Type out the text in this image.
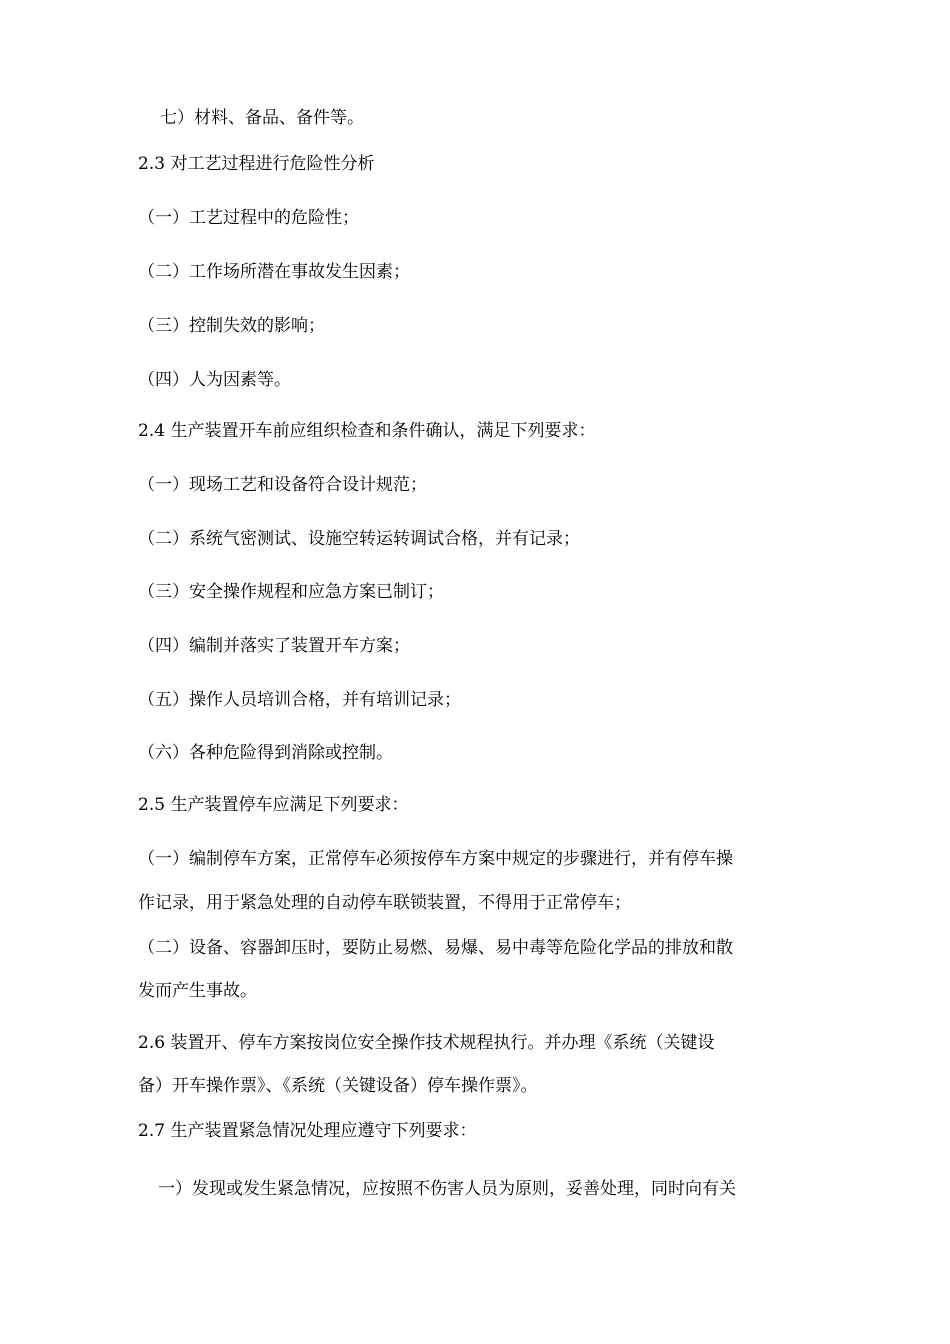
七）材料、备品、备件等。
2.3 对工艺过程进行危险性分析
（一）工艺过程中的危险性；
（二）工作场所潜在事故发生因素；
（三）控制失效的影响；
（四）人为因素等。
2.4 生产装置开车前应组织检查和条件确认，满足下列要求：
（一）现场工艺和设备符合设计规范；
（二）系统气密测试、设施空转运转调试合格，并有记录；
（三）安全操作规程和应急方案已制订；
（四）编制并落实了装置开车方案；
（五）操作人员培训合格，并有培训记录；
（六）各种危险得到消除或控制。
2.5 生产装置停车应满足下列要求：
（一）编制停车方案，正常停车必须按停车方案中规定的步骤进行，并有停车操
作记录，用于紧急处理的自动停车联锁装置，不得用于正常停车；
（二）设备、容器卸压时，要防止易燃、易爆、易中毒等危险化学品的排放和散
发而产生事故。
2.6 装置开、停车方案按岗位安全操作技术规程执行。并办理《系统（关键设
备）开车操作票》、《系统（关键设备）停车操作票》。
2.7 生产装置紧急情况处理应遵守下列要求：
一）发现或发生紧急情况，应按照不伤害人员为原则，妥善处理，同时向有关
